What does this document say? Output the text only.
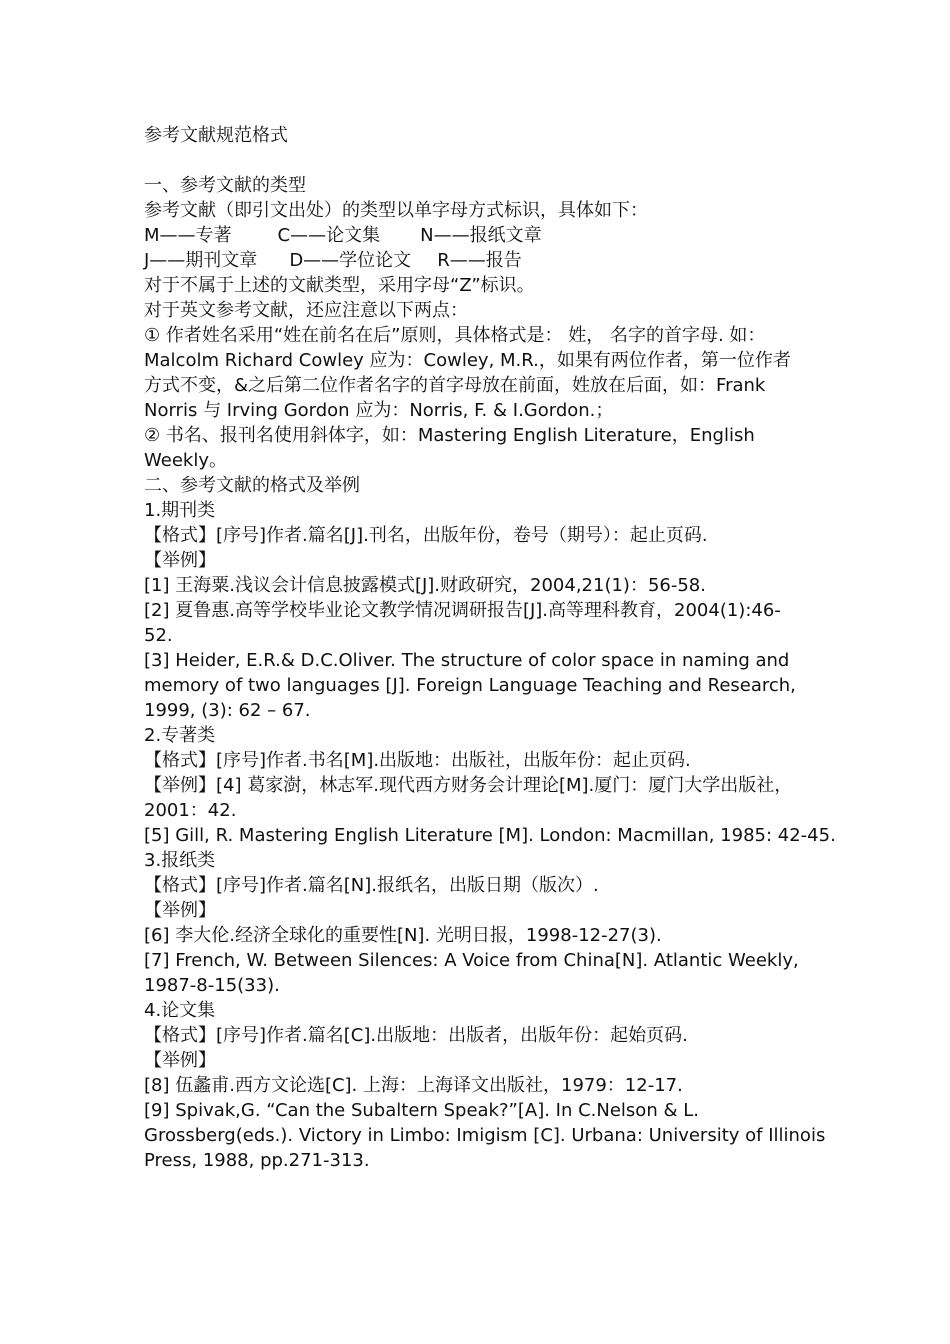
参考文献规范格式

一、参考文献的类型

参考文献（即引文出处）的类型以单字母方式标识，具体如下：

M——专著	C——论文集 N——报纸文章

J——期刊文章 D——学位论文 R——报告

对于不属于上述的文献类型，采用字母“Z”标识。

对于英文参考文献，还应注意以下两点：

① 作者姓名采用“姓在前名在后”原则，具体格式是： 姓， 名字的首字母. 如：

Malcolm Richard Cowley 应为：Cowley, M.R.，如果有两位作者，第一位作者

方式不变，&之后第二位作者名字的首字母放在前面，姓放在后面，如：Frank

Norris 与 Irving Gordon 应为：Norris, F. & I.Gordon.；

② 书名、报刊名使用斜体字，如：Mastering English Literature，English

Weekly。

二、参考文献的格式及举例

1.期刊类

【格式】[序号]作者.篇名[J].刊名，出版年份，卷号（期号）：起止页码.

【举例】

[1] 王海粟.浅议会计信息披露模式[J].财政研究，2004,21(1)：56-58.

[2] 夏鲁惠.高等学校毕业论文教学情况调研报告[J].高等理科教育，2004(1):46-

52.

[3] Heider, E.R.& D.C.Oliver. The structure of color space in naming and

memory of two languages [J]. Foreign Language Teaching and Research,

1999, (3): 62 – 67.

2.专著类

【格式】[序号]作者.书名[M].出版地：出版社，出版年份：起止页码.

【举例】[4] 葛家澍，林志军.现代西方财务会计理论[M].厦门：厦门大学出版社，

2001：42.

[5] Gill, R. Mastering English Literature [M]. London: Macmillan, 1985: 42-45.

3.报纸类

【格式】[序号]作者.篇名[N].报纸名，出版日期（版次）.

【举例】

[6] 李大伦.经济全球化的重要性[N]. 光明日报，1998-12-27(3).

[7] French, W. Between Silences: A Voice from China[N]. Atlantic Weekly,

1987-8-15(33).

4.论文集

【格式】[序号]作者.篇名[C].出版地：出版者，出版年份：起始页码.

【举例】

[8] 伍蠡甫.西方文论选[C]. 上海：上海译文出版社，1979：12-17.

[9] Spivak,G. “Can the Subaltern Speak?”[A]. In C.Nelson & L.

Grossberg(eds.). Victory in Limbo: Imigism [C]. Urbana: University of Illinois

Press, 1988, pp.271-313.
